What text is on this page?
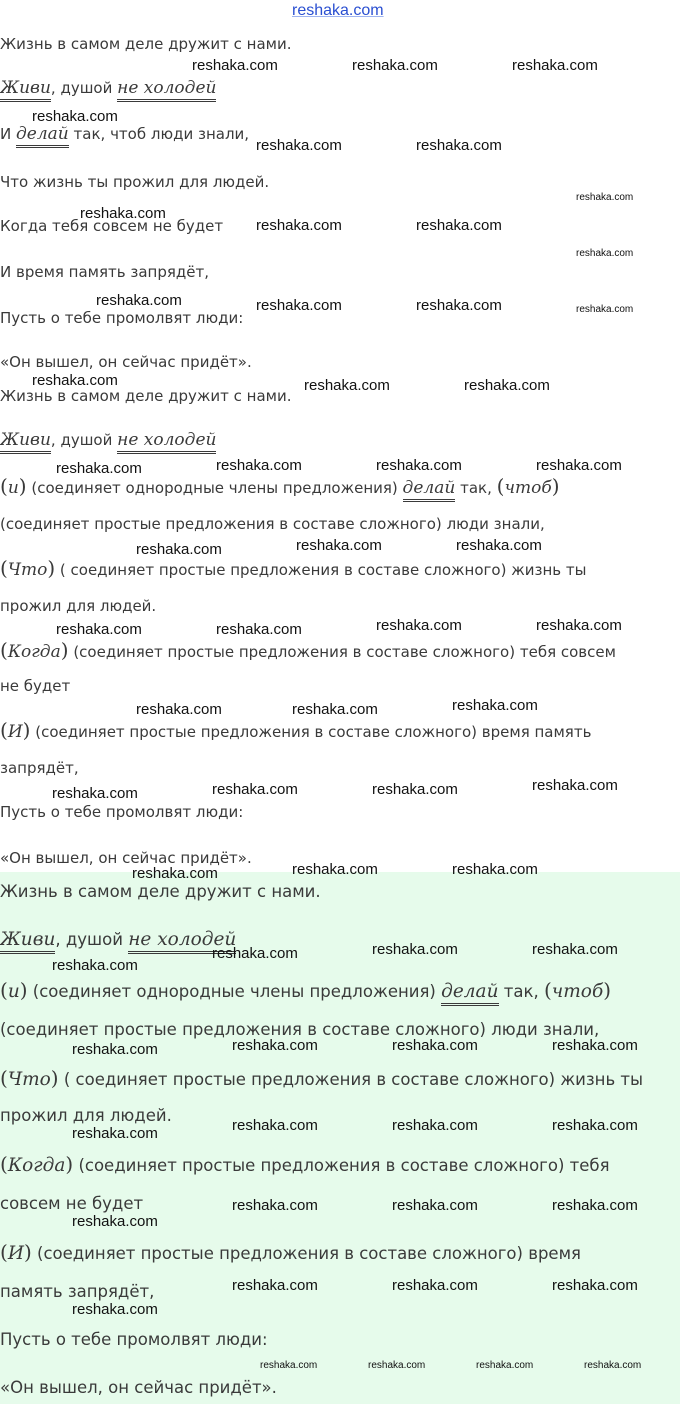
reshaka.com
Жизнь в самом деле дружит с нами.
Живи, душой не холодей
И делай так, чтоб люди знали,
Что жизнь ты прожил для людей.
Когда тебя совсем не будет
И время память запрядёт,
Пусть о тебе промолвят люди:
«Он вышел, он сейчас придёт».
Жизнь в самом деле дружит с нами.
Живи, душой не холодей
(и) (соединяет однородные члены предложения) делай так, (чтоб)
(соединяет простые предложения в составе сложного) люди знали,
(Что) ( соединяет простые предложения в составе сложного) жизнь ты
прожил для людей.
(Когда) (соединяет простые предложения в составе сложного) тебя совсем
не будет
(И) (соединяет простые предложения в составе сложного) время память
запрядёт,
Пусть о тебе промолвят люди:
«Он вышел, он сейчас придёт».
Жизнь в самом деле дружит с нами.
Живи, душой не холодей
(и) (соединяет однородные члены предложения) делай так, (чтоб)
(соединяет простые предложения в составе сложного) люди знали,
(Что) ( соединяет простые предложения в составе сложного) жизнь ты
прожил для людей.
(Когда) (соединяет простые предложения в составе сложного) тебя
совсем не будет
(И) (соединяет простые предложения в составе сложного) время
память запрядёт,
Пусть о тебе промолвят люди:
«Он вышел, он сейчас придёт».
reshaka.com	reshaka.com	reshaka.com
reshaka.com
reshaka.com	reshaka.com
reshaka.com
reshaka.com
reshaka.com	reshaka.com
reshaka.com
reshaka.com	reshaka.com	reshaka.com	reshaka.com
reshaka.com	reshaka.com	reshaka.com
reshaka.com	reshaka.com	reshaka.com	reshaka.com
reshaka.com	reshaka.com	reshaka.com
reshaka.com	reshaka.com	reshaka.com	reshaka.com
reshaka.com	reshaka.com	reshaka.com
reshaka.com	reshaka.com	reshaka.com	reshaka.com
reshaka.com	reshaka.com	reshaka.com
reshaka.com	reshaka.com	reshaka.com
reshaka.com
reshaka.com	reshaka.com	reshaka.com	reshaka.com
reshaka.com	reshaka.com	reshaka.com	reshaka.com
reshaka.com	reshaka.com	reshaka.com
reshaka.com
reshaka.com	reshaka.com	reshaka.com
reshaka.com
reshaka.com	reshaka.com	reshaka.com	reshaka.com
